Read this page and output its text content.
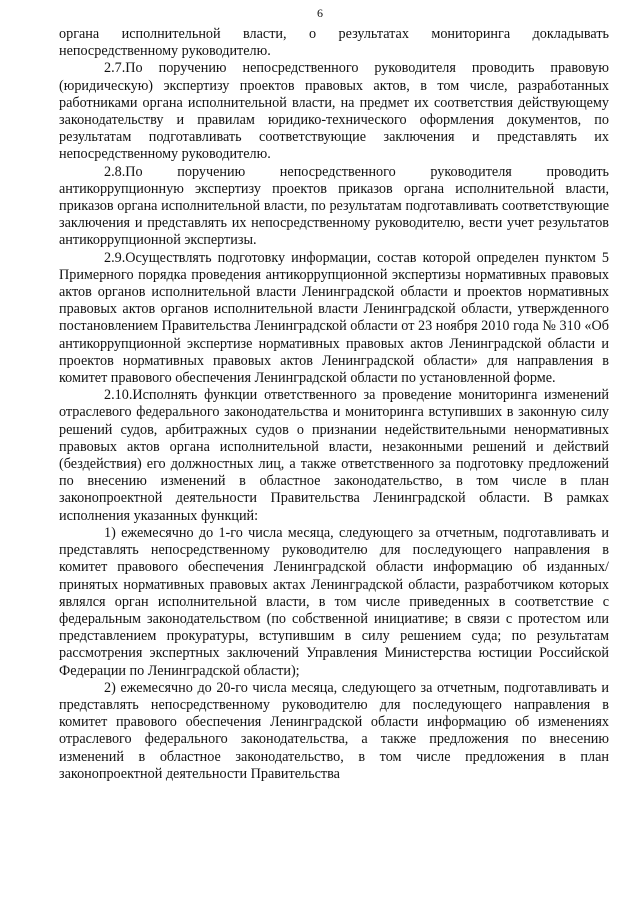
6

органа исполнительной власти, о результатах мониторинга докладывать непосредственному руководителю.

2.7.По поручению непосредственного руководителя проводить правовую (юридическую) экспертизу проектов правовых актов, в том числе, разработанных работниками органа исполнительной власти, на предмет их соответствия действующему законодательству и правилам юридико-технического оформления документов, по результатам подготавливать соответствующие заключения и представлять их непосредственному руководителю.

2.8.По поручению непосредственного руководителя проводить антикоррупционную экспертизу проектов приказов органа исполнительной власти, приказов органа исполнительной власти, по результатам подготавливать соответствующие заключения и представлять их непосредственному руководителю, вести учет результатов антикоррупционной экспертизы.

2.9.Осуществлять подготовку информации, состав которой определен пунктом 5 Примерного порядка проведения антикоррупционной экспертизы нормативных правовых актов органов исполнительной власти Ленинградской области и проектов нормативных правовых актов органов исполнительной власти Ленинградской области, утвержденного постановлением Правительства Ленинградской области от 23 ноября 2010 года № 310 «Об антикоррупционной экспертизе нормативных правовых актов Ленинградской области и проектов нормативных правовых актов Ленинградской области» для направления в комитет правового обеспечения Ленинградской области по установленной форме.

2.10.Исполнять функции ответственного за проведение мониторинга изменений отраслевого федерального законодательства и мониторинга вступивших в законную силу решений судов, арбитражных судов о признании недействительными ненормативных правовых актов органа исполнительной власти, незаконными решений и действий (бездействия) его должностных лиц, а также ответственного за подготовку предложений по внесению изменений в областное законодательство, в том числе в план законопроектной деятельности Правительства Ленинградской области. В рамках исполнения указанных функций:

1) ежемесячно до 1-го числа месяца, следующего за отчетным, подготавливать и представлять непосредственному руководителю для последующего направления в комитет правового обеспечения Ленинградской области информацию об изданных/принятых нормативных правовых актах Ленинградской области, разработчиком которых являлся орган исполнительной власти, в том числе приведенных в соответствие с федеральным законодательством (по собственной инициативе; в связи с протестом или представлением прокуратуры, вступившим в силу решением суда; по результатам рассмотрения экспертных заключений Управления Министерства юстиции Российской Федерации по Ленинградской области);

2) ежемесячно до 20-го числа месяца, следующего за отчетным, подготавливать и представлять непосредственному руководителю для последующего направления в комитет правового обеспечения Ленинградской области информацию об изменениях отраслевого федерального законодательства, а также предложения по внесению изменений в областное законодательство, в том числе предложения в план законопроектной деятельности Правительства
